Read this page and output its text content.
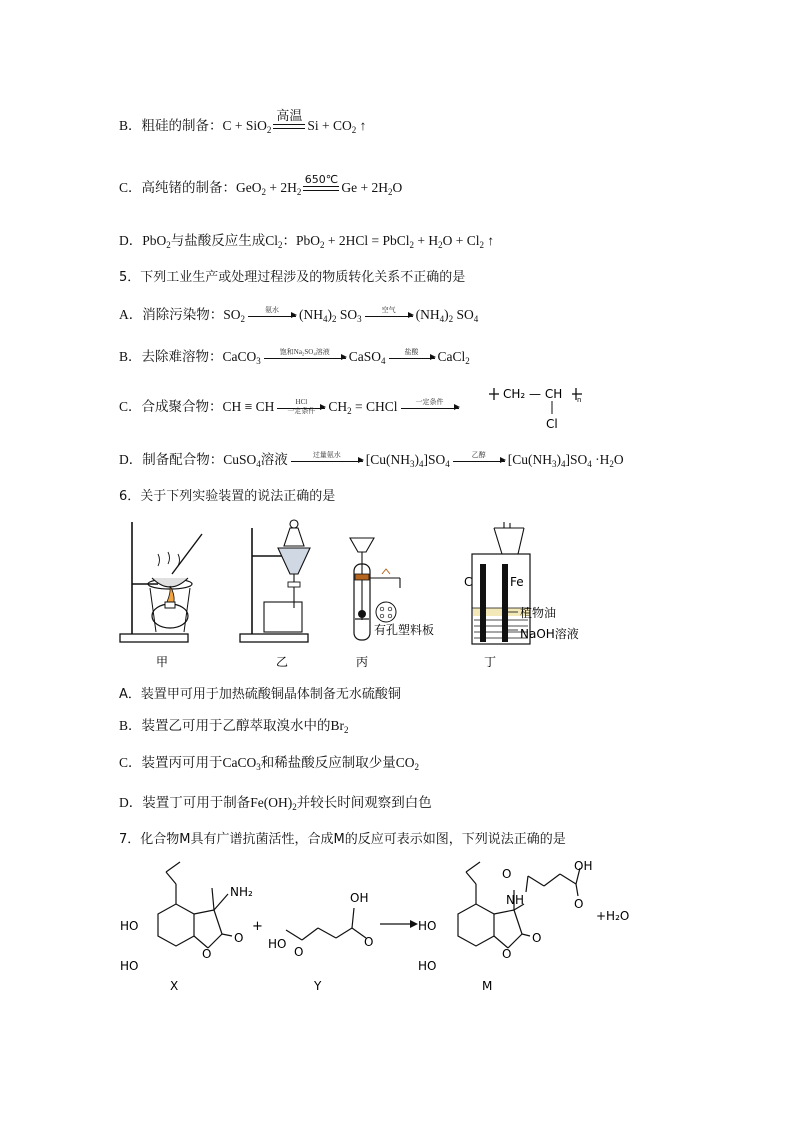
B．粗硅的制备：C + SiO$_2$
高温
$Si + CO_2$ ↑
C．高纯锗的制备：$GeO_2 + 2H_2$
650℃
$Ge + 2H_2O$
D．PbO$_2$与盐酸反应生成$Cl_2$：PbO$_2$ + 2HCl = PbCl$_2$ + $H_2O + Cl_2$ ↑
5．下列工业生产或处理过程涉及的物质转化关系不正确的是
A．消除污染物：$SO_2$
氨水	$(NH_4)_2$ $SO_3$
空气	$(NH_4)_2$ $SO_4$
B．去除难溶物：CaCO$_3$
饱和Na₂SO₄溶液	CaSO$_4$
盐酸	CaCl$_2$
C．合成聚合物：CH ≡ CH	HCl
一定条件 $CH_2$ = CHCl	一定条件
CH₂ — CH n
Cl
D．制备配合物：CuSO$_4$溶液	过量氨水	$[Cu(NH_3)_4]SO_4$
乙醇	$[Cu(NH_3)_4]SO_4 \cdot H_2O$
6．关于下列实验装置的说法正确的是
甲	乙
有孔塑料板
丙
C	Fe
植物油
NaOH溶液
丁
A．装置甲可用于加热硫酸铜晶体制备无水硫酸铜
B．装置乙可用于乙醇萃取溴水中的$Br_2$
C．装置丙可用于CaCO$_3$和稀盐酸反应制取少量$CO_2$
D．装置丁可用于制备$Fe(OH)_2$并较长时间观察到白色
7．化合物M具有广谱抗菌活性，合成M的反应可表示如图，下列说法正确的是
NH₂
O
O
HO
HO
X
+
HO
O
O
OH
Y
NH
O
O
OH
O
O
HO
HO
M
+H₂O
